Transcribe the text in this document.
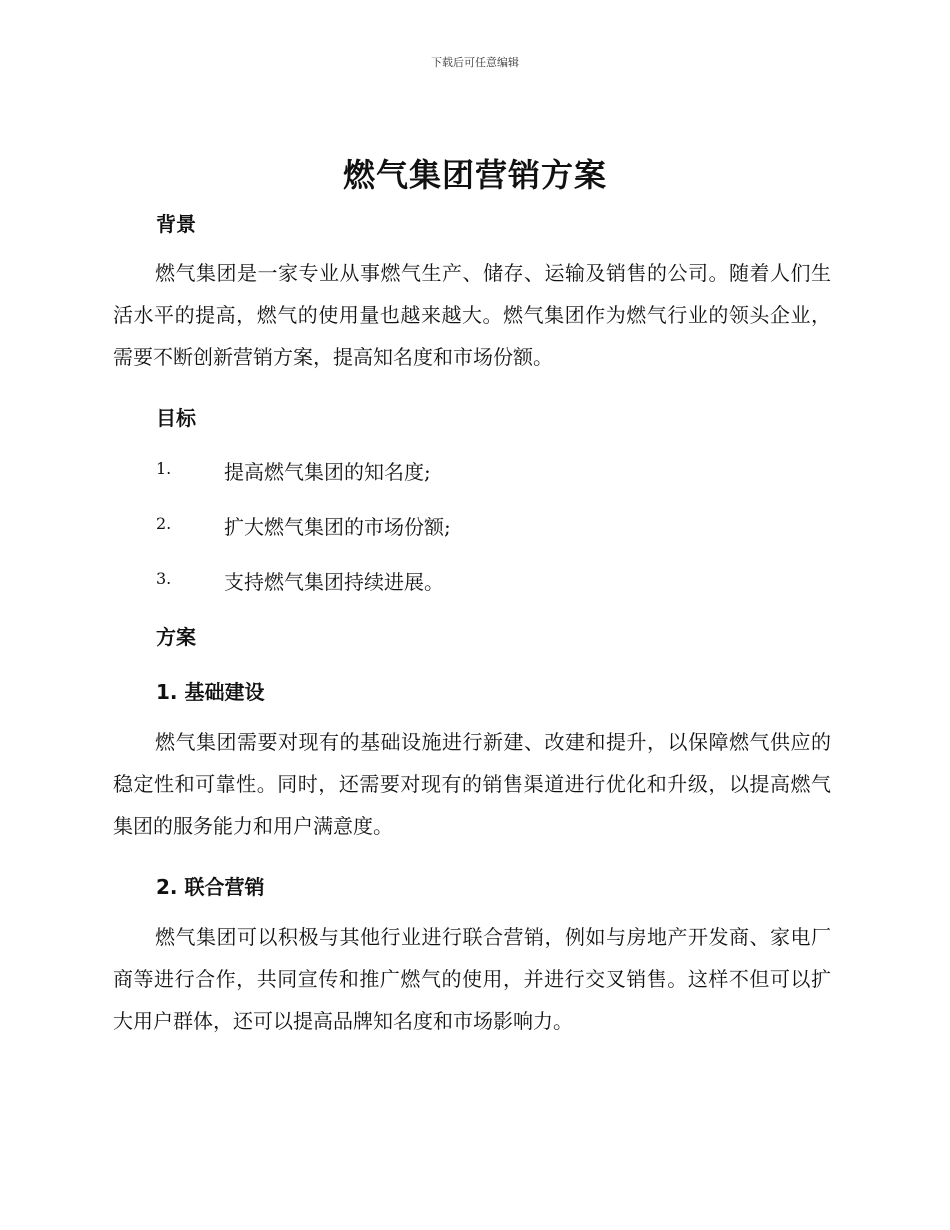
下载后可任意编辑
燃气集团营销方案
背景
燃气集团是一家专业从事燃气生产、储存、运输及销售的公司。随着人们生活水平的提高，燃气的使用量也越来越大。燃气集团作为燃气行业的领头企业，需要不断创新营销方案，提高知名度和市场份额。
目标
1.	提高燃气集团的知名度;
2.	扩大燃气集团的市场份额;
3.	支持燃气集团持续进展。
方案
1. 基础建设
燃气集团需要对现有的基础设施进行新建、改建和提升，以保障燃气供应的稳定性和可靠性。同时，还需要对现有的销售渠道进行优化和升级，以提高燃气集团的服务能力和用户满意度。
2. 联合营销
燃气集团可以积极与其他行业进行联合营销，例如与房地产开发商、家电厂商等进行合作，共同宣传和推广燃气的使用，并进行交叉销售。这样不但可以扩大用户群体，还可以提高品牌知名度和市场影响力。
